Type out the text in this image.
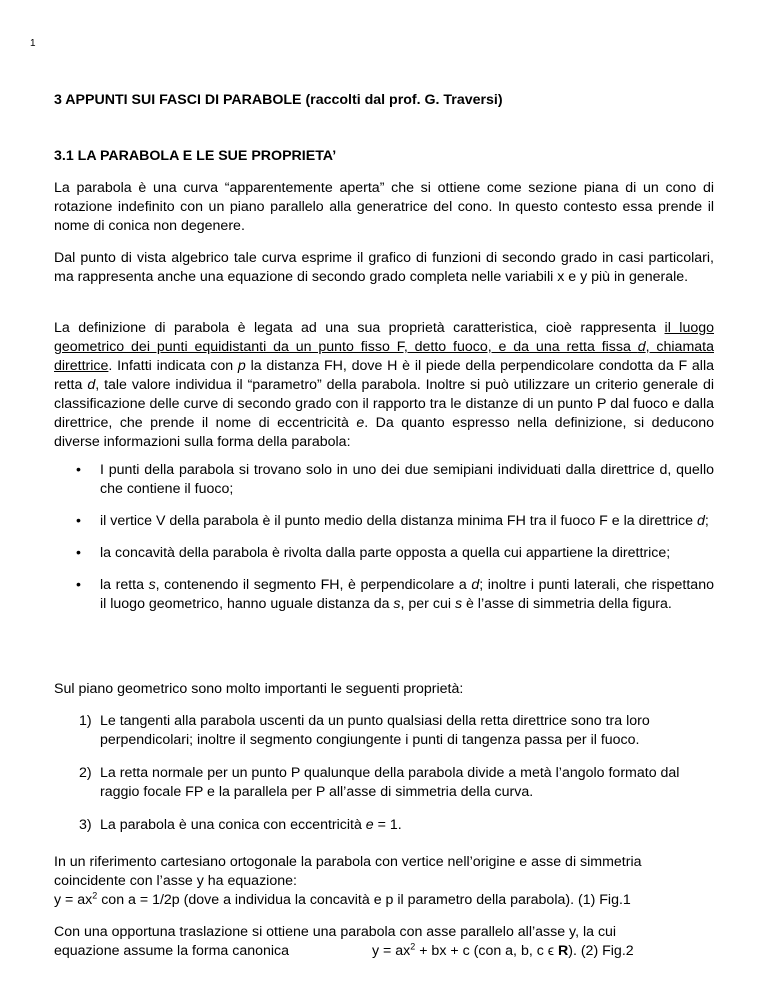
1
3 APPUNTI SUI FASCI DI PARABOLE (raccolti dal prof. G. Traversi)
3.1 LA PARABOLA E LE SUE PROPRIETA’

La parabola è una curva “apparentemente aperta” che si ottiene come sezione piana di un cono di rotazione indefinito con un piano parallelo alla generatrice del cono. In questo contesto essa prende il nome di conica non degenere.

Dal punto di vista algebrico tale curva esprime il grafico di funzioni di secondo grado in casi particolari, ma rappresenta anche una equazione di secondo grado completa nelle variabili x e y più in generale.

La definizione di parabola è legata ad una sua proprietà caratteristica, cioè rappresenta il luogo geometrico dei punti equidistanti da un punto fisso F, detto fuoco, e da una retta fissa d, chiamata direttrice. Infatti indicata con p la distanza FH, dove H è il piede della perpendicolare condotta da F alla retta d, tale valore individua il “parametro” della parabola. Inoltre si può utilizzare un criterio generale di classificazione delle curve di secondo grado con il rapporto tra le distanze di un punto P dal fuoco e dalla direttrice, che prende il nome di eccentricità e. Da quanto espresso nella definizione, si deducono diverse informazioni sulla forma della parabola:

• I punti della parabola si trovano solo in uno dei due semipiani individuati dalla direttrice d, quello che contiene il fuoco;
• il vertice V della parabola è il punto medio della distanza minima FH tra il fuoco F e la direttrice d;
• la concavità della parabola è rivolta dalla parte opposta a quella cui appartiene la direttrice;
• la retta s, contenendo il segmento FH, è perpendicolare a d; inoltre i punti laterali, che rispettano il luogo geometrico, hanno uguale distanza da s, per cui s è l’asse di simmetria della figura.

Sul piano geometrico sono molto importanti le seguenti proprietà:

1) Le tangenti alla parabola uscenti da un punto qualsiasi della retta direttrice sono tra loro perpendicolari; inoltre il segmento congiungente i punti di tangenza passa per il fuoco.
2) La retta normale per un punto P qualunque della parabola divide a metà l’angolo formato dal raggio focale FP e la parallela per P all’asse di simmetria della curva.
3) La parabola è una conica con eccentricità e = 1.
In un riferimento cartesiano ortogonale la parabola con vertice nell’origine e asse di simmetria
coincidente con l’asse y ha equazione:
$y = ax^2$ con a = 1/2p (dove a individua la concavità e p il parametro della parabola). (1) Fig.1
Con una opportuna traslazione si ottiene una parabola con asse parallelo all’asse y, la cui
equazione assume la forma canonica	$y = ax^2$ + bx + c (con a, b, c ϵ R). (2) Fig.2
